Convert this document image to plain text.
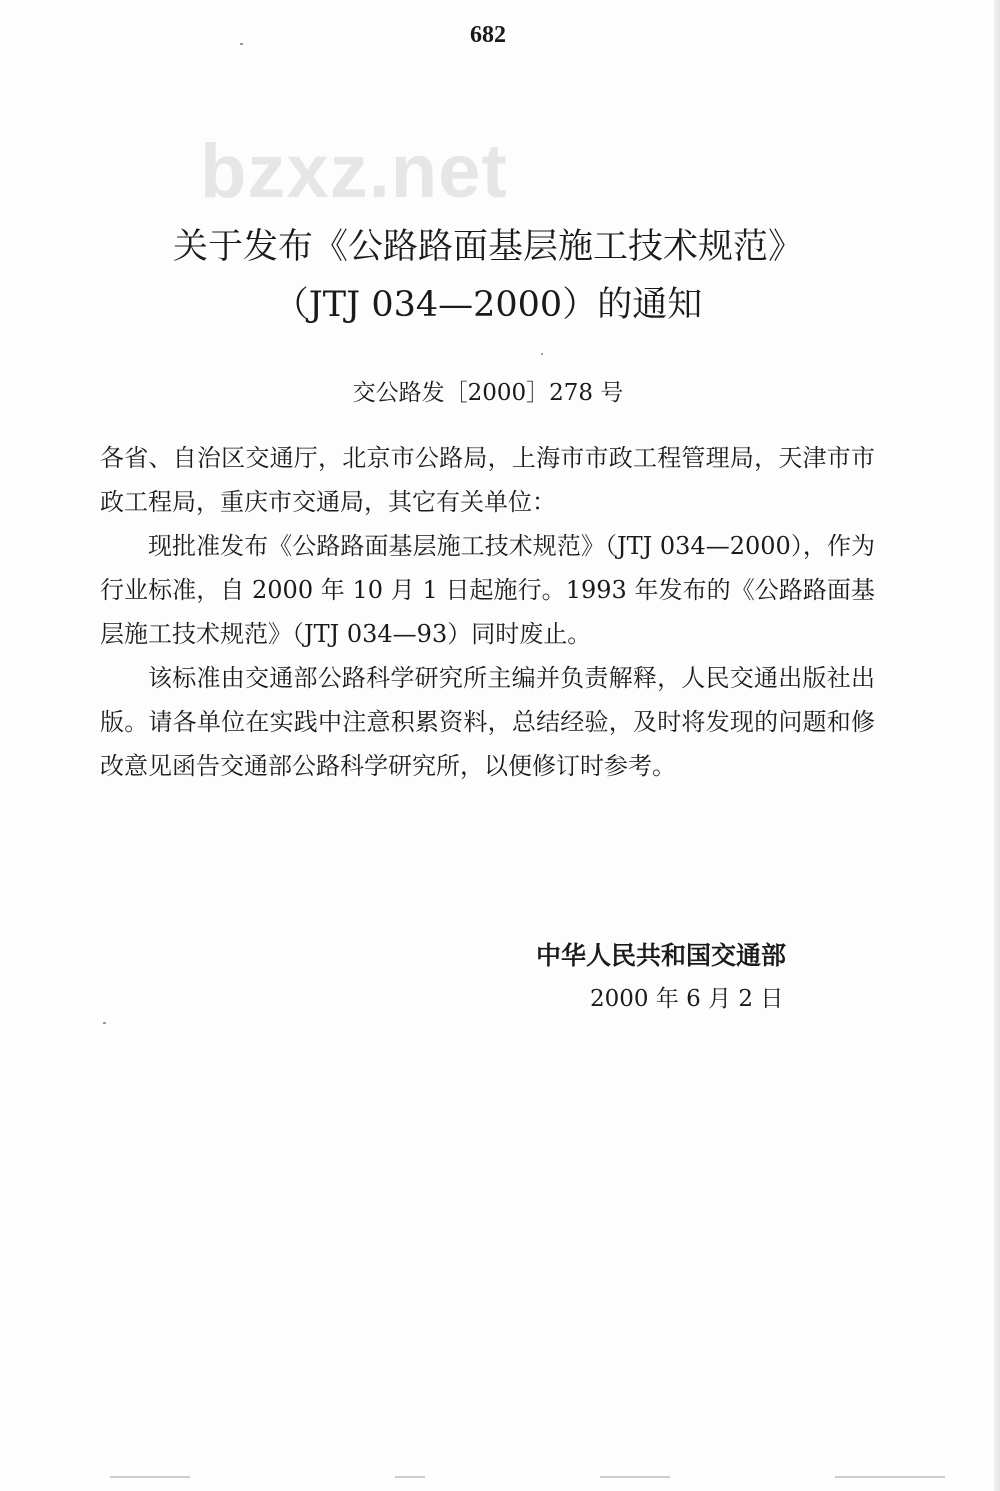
682
bzxz.net
关于发布《公路路面基层施工技术规范》
（JTJ 034—2000）的通知
交公路发［2000］278 号

各省、自治区交通厅，北京市公路局，上海市市政工程管理局，天津市市政工程局，重庆市交通局，其它有关单位：

现批准发布《公路路面基层施工技术规范》（JTJ 034—2000），作为行业标准，自 2000 年 10 月 1 日起施行。1993 年发布的《公路路面基层施工技术规范》（JTJ 034—93）同时废止。

该标准由交通部公路科学研究所主编并负责解释，人民交通出版社出版。请各单位在实践中注意积累资料，总结经验，及时将发现的问题和修改意见函告交通部公路科学研究所，以便修订时参考。

中华人民共和国交通部
2000 年 6 月 2 日
